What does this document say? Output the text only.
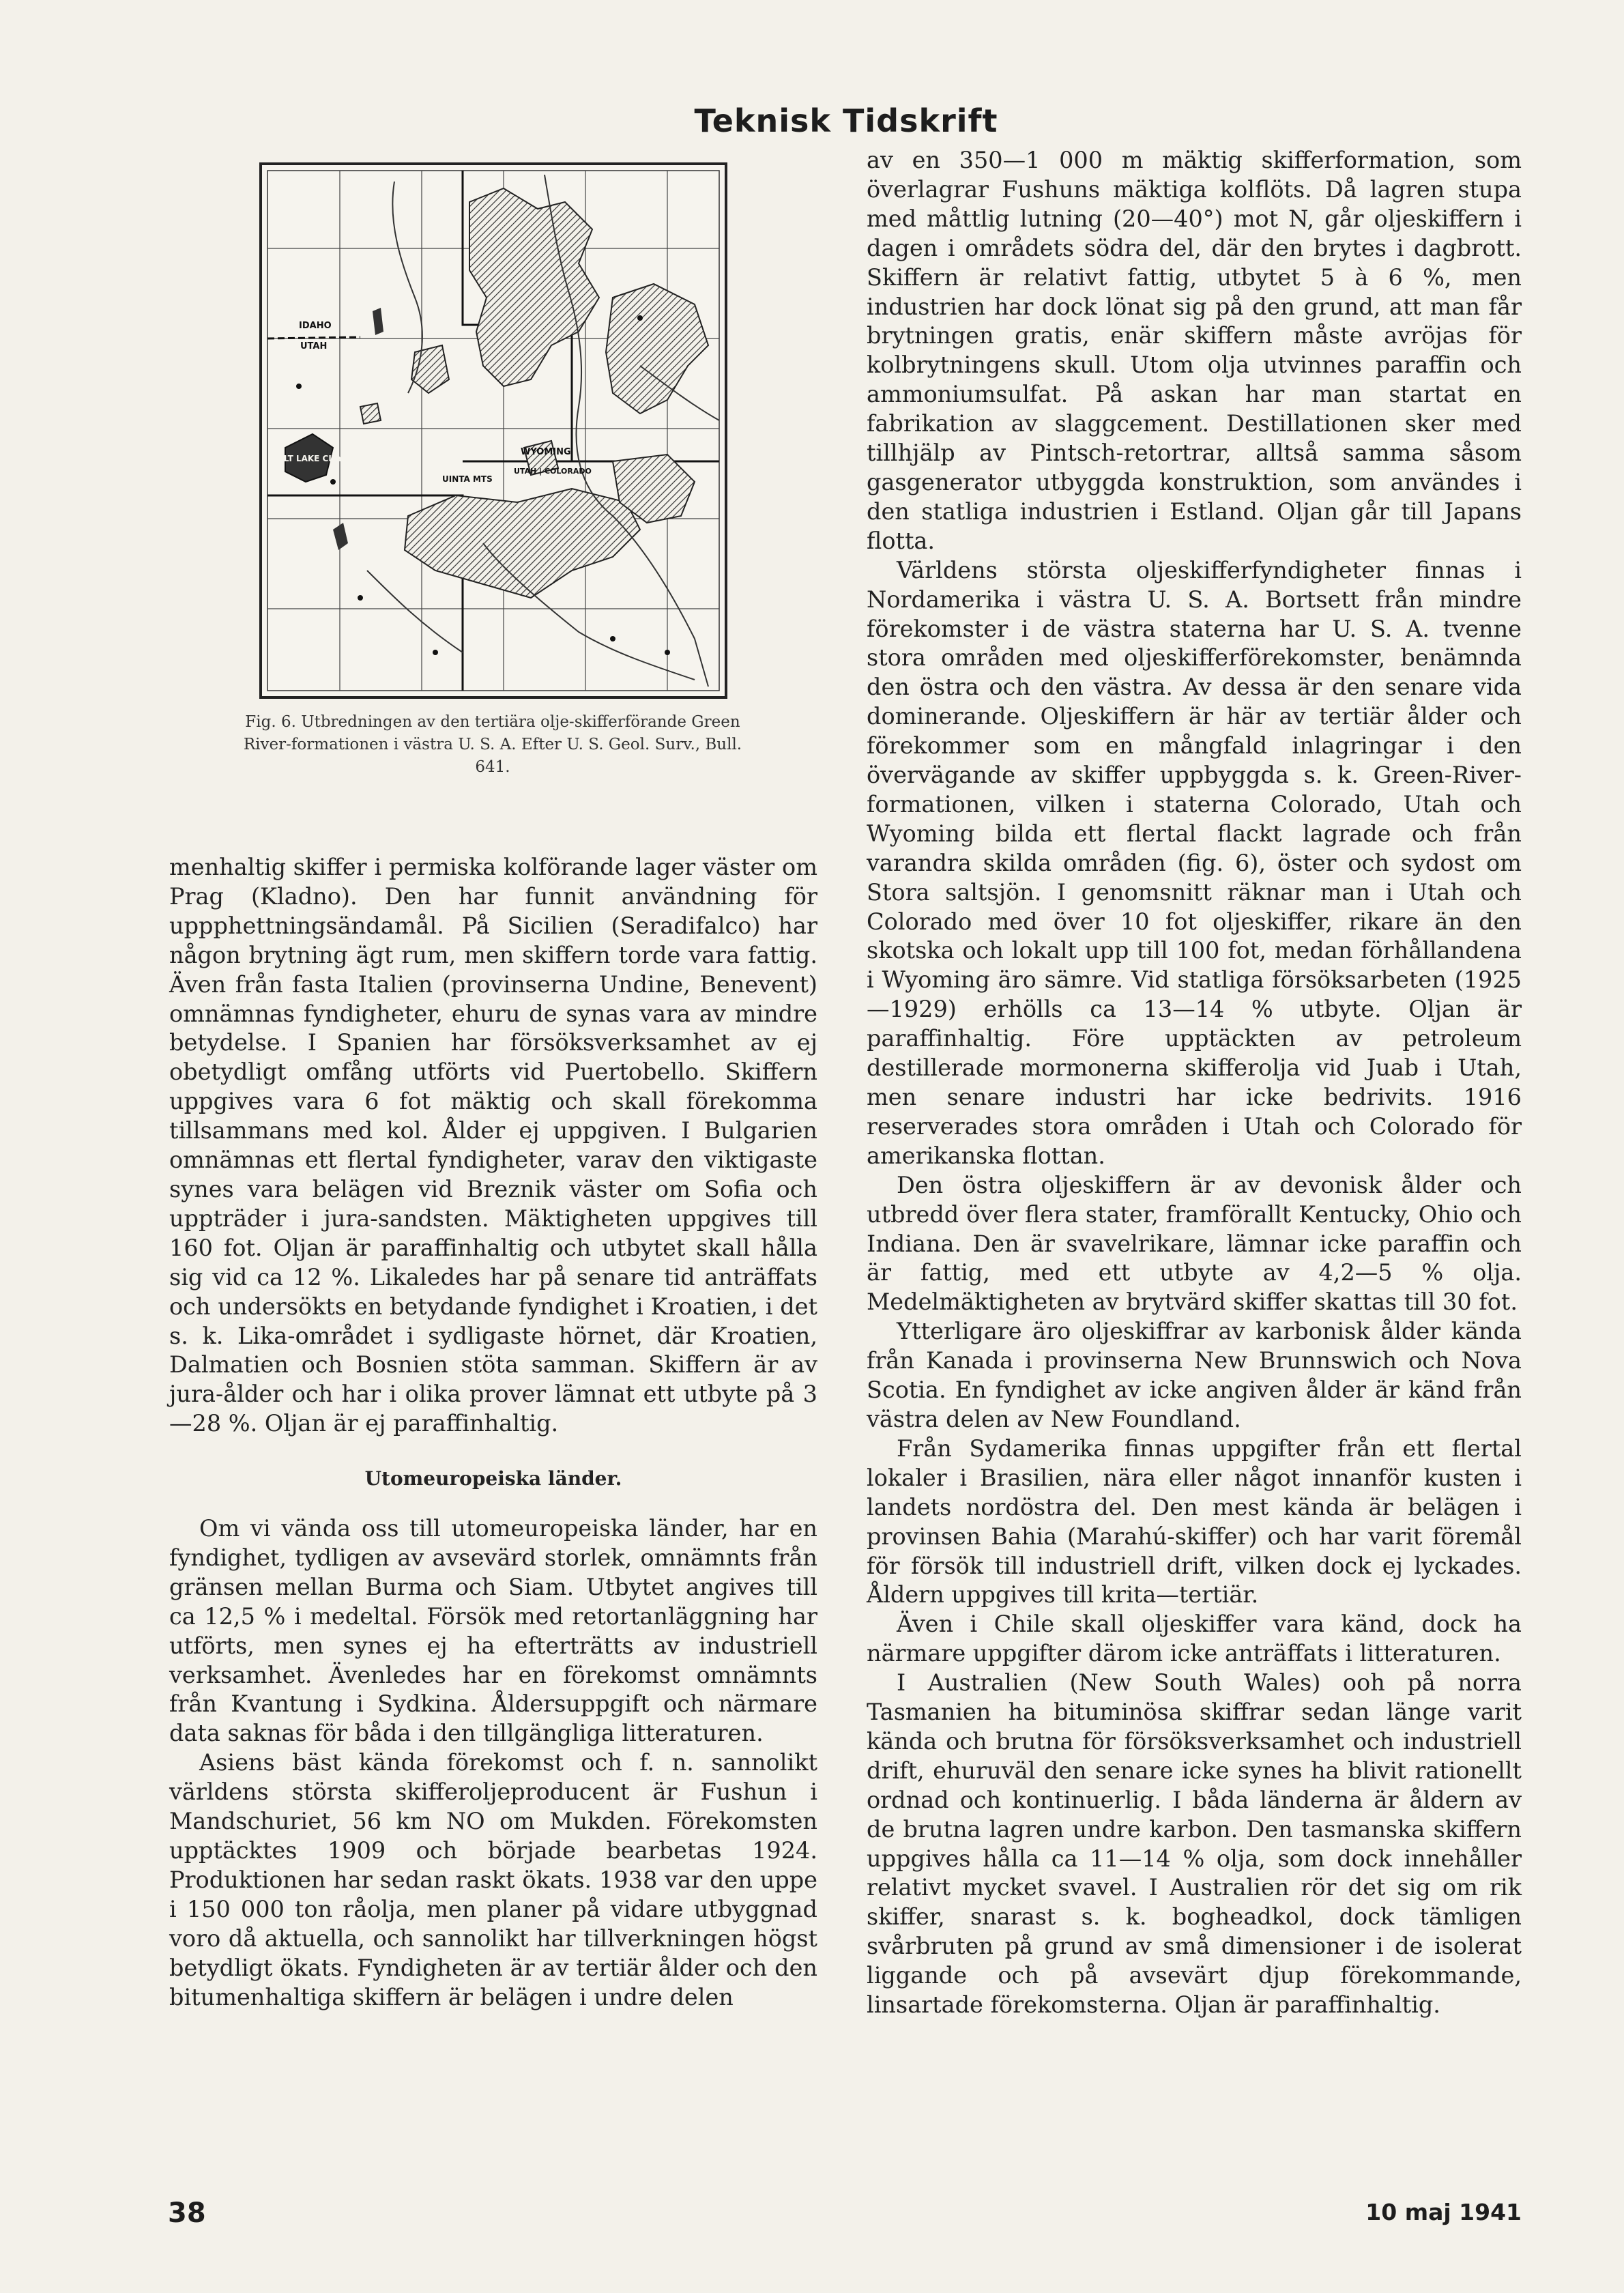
Teknisk Tidskrift
IDAHO
UTAH
WYOMING
UTAH | COLORADO
SALT LAKE CITY
UINTA MTS

Fig. 6. Utbredningen av den tertiära olje-skifferförande Green River-formationen i västra U. S. A. Efter U. S. Geol. Surv., Bull. 641.

menhaltig skiffer i permiska kolförande lager väster om Prag (Kladno). Den har funnit användning för uppphettningsändamål. På Sicilien (Seradifalco) har någon brytning ägt rum, men skiffern torde vara fattig. Även från fasta Italien (provinserna Undine, Benevent) omnämnas fyndigheter, ehuru de synas vara av mindre betydelse. I Spanien har försöksverksamhet av ej obetydligt omfång utförts vid Puertobello. Skiffern uppgives vara 6 fot mäktig och skall förekomma tillsammans med kol. Ålder ej uppgiven. I Bulgarien omnämnas ett flertal fyndigheter, varav den viktigaste synes vara belägen vid Breznik väster om Sofia och uppträder i jura-sandsten. Mäktigheten uppgives till 160 fot. Oljan är paraffinhaltig och utbytet skall hålla sig vid ca 12 %. Likaledes har på senare tid anträffats och undersökts en betydande fyndighet i Kroatien, i det s. k. Lika-området i sydligaste hörnet, där Kroatien, Dalmatien och Bosnien stöta samman. Skiffern är av jura-ålder och har i olika prover lämnat ett utbyte på 3—28 %. Oljan är ej paraffinhaltig.

Utomeuropeiska länder.

Om vi vända oss till utomeuropeiska länder, har en fyndighet, tydligen av avsevärd storlek, omnämnts från gränsen mellan Burma och Siam. Utbytet angives till ca 12,5 % i medeltal. Försök med retortanläggning har utförts, men synes ej ha efterträtts av industriell verksamhet. Ävenledes har en förekomst omnämnts från Kvantung i Sydkina. Åldersuppgift och närmare data saknas för båda i den tillgängliga litteraturen.

Asiens bäst kända förekomst och f. n. sannolikt världens största skifferoljeproducent är Fushun i Mandschuriet, 56 km NO om Mukden. Förekomsten upptäcktes 1909 och började bearbetas 1924. Produktionen har sedan raskt ökats. 1938 var den uppe i 150 000 ton råolja, men planer på vidare utbyggnad voro då aktuella, och sannolikt har tillverkningen högst betydligt ökats. Fyndigheten är av tertiär ålder och den bitumenhaltiga skiffern är belägen i undre delen

av en 350—1 000 m mäktig skifferformation, som överlagrar Fushuns mäktiga kolflöts. Då lagren stupa med måttlig lutning (20—40°) mot N, går oljeskiffern i dagen i områdets södra del, där den brytes i dagbrott. Skiffern är relativt fattig, utbytet 5 à 6 %, men industrien har dock lönat sig på den grund, att man får brytningen gratis, enär skiffern måste avröjas för kolbrytningens skull. Utom olja utvinnes paraffin och ammoniumsulfat. På askan har man startat en fabrikation av slaggcement. Destillationen sker med tillhjälp av Pintsch-retortrar, alltså samma såsom gasgenerator utbyggda konstruktion, som användes i den statliga industrien i Estland. Oljan går till Japans flotta.

Världens största oljeskifferfyndigheter finnas i Nordamerika i västra U. S. A. Bortsett från mindre förekomster i de västra staterna har U. S. A. tvenne stora områden med oljeskifferförekomster, benämnda den östra och den västra. Av dessa är den senare vida dominerande. Oljeskiffern är här av tertiär ålder och förekommer som en mångfald inlagringar i den övervägande av skiffer uppbyggda s. k. Green-River-formationen, vilken i staterna Colorado, Utah och Wyoming bilda ett flertal flackt lagrade och från varandra skilda områden (fig. 6), öster och sydost om Stora saltsjön. I genomsnitt räknar man i Utah och Colorado med över 10 fot oljeskiffer, rikare än den skotska och lokalt upp till 100 fot, medan förhållandena i Wyoming äro sämre. Vid statliga försöksarbeten (1925—1929) erhölls ca 13—14 % utbyte. Oljan är paraffinhaltig. Före upptäckten av petroleum destillerade mormonerna skifferolja vid Juab i Utah, men senare industri har icke bedrivits. 1916 reserverades stora områden i Utah och Colorado för amerikanska flottan.

Den östra oljeskiffern är av devonisk ålder och utbredd över flera stater, framförallt Kentucky, Ohio och Indiana. Den är svavelrikare, lämnar icke paraffin och är fattig, med ett utbyte av 4,2—5 % olja. Medelmäktigheten av brytvärd skiffer skattas till 30 fot.

Ytterligare äro oljeskiffrar av karbonisk ålder kända från Kanada i provinserna New Brunnswich och Nova Scotia. En fyndighet av icke angiven ålder är känd från västra delen av New Foundland.

Från Sydamerika finnas uppgifter från ett flertal lokaler i Brasilien, nära eller något innanför kusten i landets nordöstra del. Den mest kända är belägen i provinsen Bahia (Marahú-skiffer) och har varit föremål för försök till industriell drift, vilken dock ej lyckades. Åldern uppgives till krita—tertiär.

Även i Chile skall oljeskiffer vara känd, dock ha närmare uppgifter därom icke anträffats i litteraturen.

I Australien (New South Wales) ooh på norra Tasmanien ha bituminösa skiffrar sedan länge varit kända och brutna för försöksverksamhet och industriell drift, ehuruväl den senare icke synes ha blivit rationellt ordnad och kontinuerlig. I båda länderna är åldern av de brutna lagren undre karbon. Den tasmanska skiffern uppgives hålla ca 11—14 % olja, som dock innehåller relativt mycket svavel. I Australien rör det sig om rik skiffer, snarast s. k. bogheadkol, dock tämligen svårbruten på grund av små dimensioner i de isolerat liggande och på avsevärt djup förekommande, linsartade förekomsterna. Oljan är paraffinhaltig.

38	10 maj 1941
